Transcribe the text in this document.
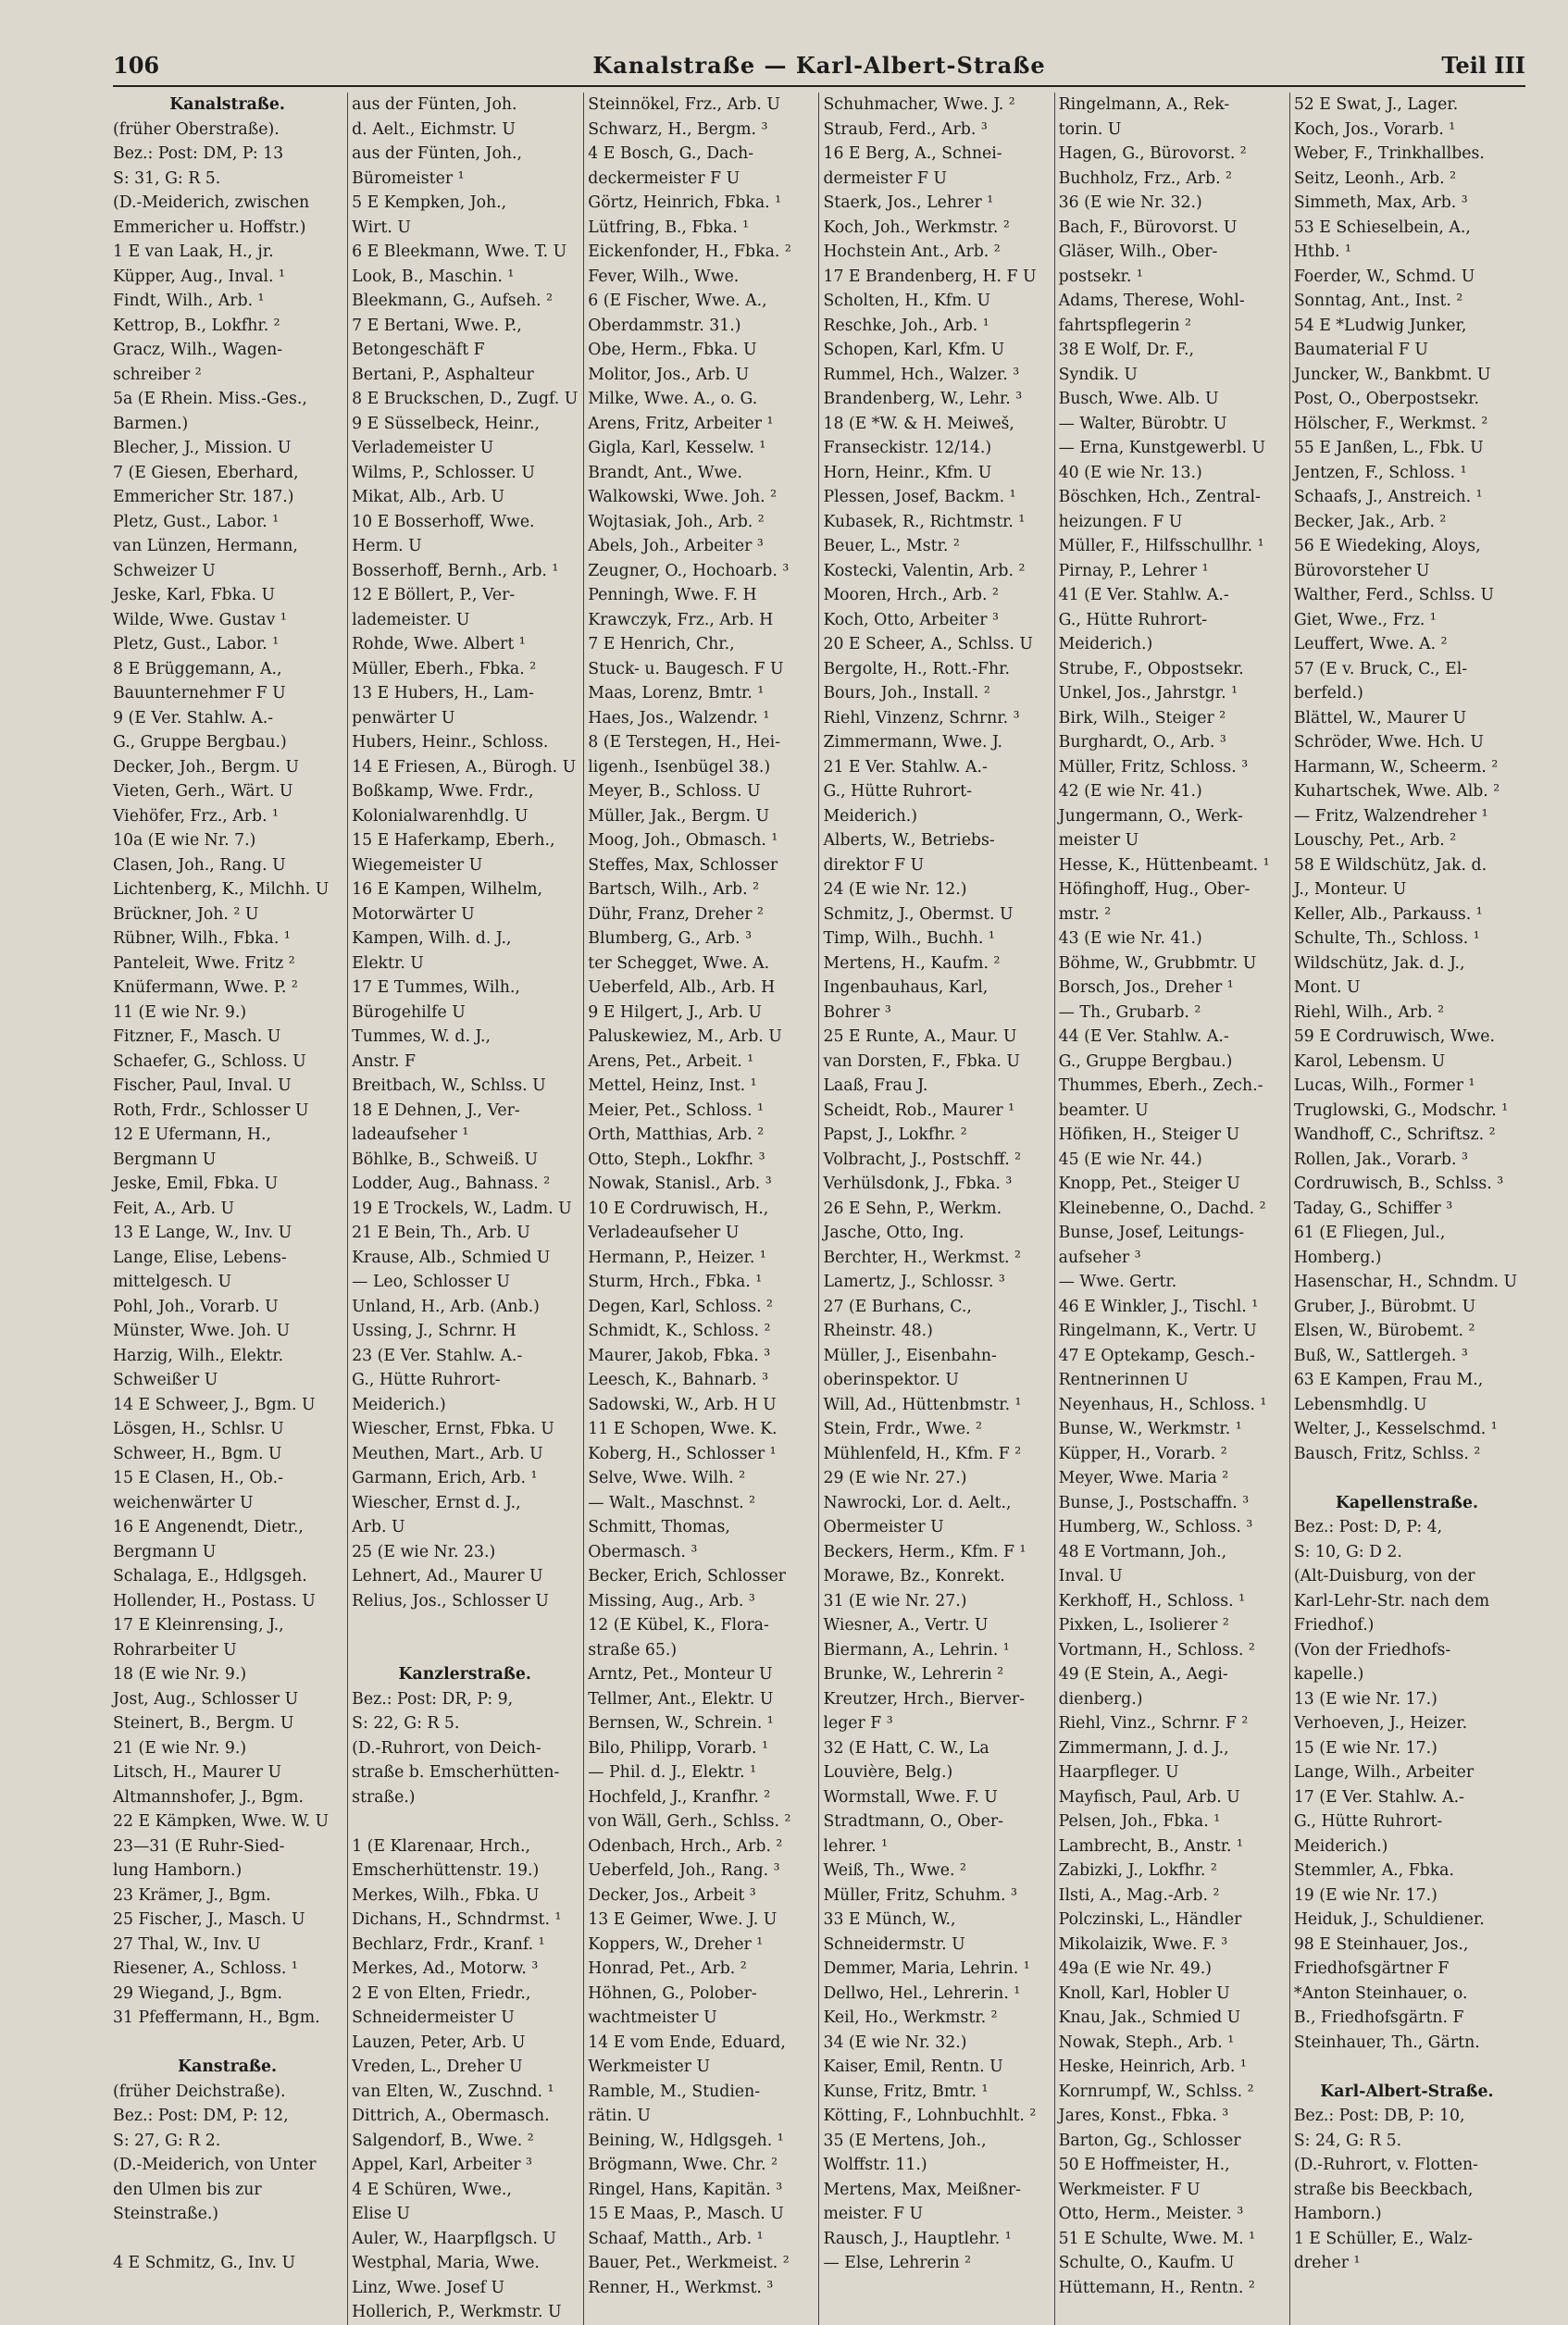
106	Kanalstraße — Karl-Albert-Straße	Teil III
Kanalstraße.
(früher Oberstraße).
Bez.: Post: DM, P: 13
S: 31, G: R 5.
(D.-Meiderich, zwischen
Emmericher u. Hoffstr.)
1 E van Laak, H., jr.
Küpper, Aug., Inval. ¹
Findt, Wilh., Arb. ¹
Kettrop, B., Lokfhr. ²
Gracz, Wilh., Wagen-
schreiber ²
5a (E Rhein. Miss.-Ges.,
Barmen.)
Blecher, J., Mission. U
7 (E Giesen, Eberhard,
Emmericher Str. 187.)
Pletz, Gust., Labor. ¹
van Lünzen, Hermann,
Schweizer U
Jeske, Karl, Fbka. U
Wilde, Wwe. Gustav ¹
Pletz, Gust., Labor. ¹
8 E Brüggemann, A.,
Bauunternehmer F U
9 (E Ver. Stahlw. A.-
G., Gruppe Bergbau.)
Decker, Joh., Bergm. U
Vieten, Gerh., Wärt. U
Viehöfer, Frz., Arb. ¹
10a (E wie Nr. 7.)
Clasen, Joh., Rang. U
Lichtenberg, K., Milchh. U
Brückner, Joh. ² U
Rübner, Wilh., Fbka. ¹
Panteleit, Wwe. Fritz ²
Knüfermann, Wwe. P. ²
11 (E wie Nr. 9.)
Fitzner, F., Masch. U
Schaefer, G., Schloss. U
Fischer, Paul, Inval. U
Roth, Frdr., Schlosser U
12 E Ufermann, H.,
Bergmann U
Jeske, Emil, Fbka. U
Feit, A., Arb. U
13 E Lange, W., Inv. U
Lange, Elise, Lebens-
mittelgesch. U
Pohl, Joh., Vorarb. U
Münster, Wwe. Joh. U
Harzig, Wilh., Elektr.
Schweißer U
14 E Schweer, J., Bgm. U
Lösgen, H., Schlsr. U
Schweer, H., Bgm. U
15 E Clasen, H., Ob.-
weichenwärter U
16 E Angenendt, Dietr.,
Bergmann U
Schalaga, E., Hdlgsgeh.
Hollender, H., Postass. U
17 E Kleinrensing, J.,
Rohrarbeiter U
18 (E wie Nr. 9.)
Jost, Aug., Schlosser U
Steinert, B., Bergm. U
21 (E wie Nr. 9.)
Litsch, H., Maurer U
Altmannshofer, J., Bgm.
22 E Kämpken, Wwe. W. U
23—31 (E Ruhr-Sied-
lung Hamborn.)
23 Krämer, J., Bgm.
25 Fischer, J., Masch. U
27 Thal, W., Inv. U
Riesener, A., Schloss. ¹
29 Wiegand, J., Bgm.
31 Pfeffermann, H., Bgm.
Kanstraße.
(früher Deichstraße).
Bez.: Post: DM, P: 12,
S: 27, G: R 2.
(D.-Meiderich, von Unter
den Ulmen bis zur
Steinstraße.)
4 E Schmitz, G., Inv. U
aus der Fünten, Joh.
d. Aelt., Eichmstr. U
aus der Fünten, Joh.,
Büromeister ¹
5 E Kempken, Joh.,
Wirt. U
6 E Bleekmann, Wwe. T. U
Look, B., Maschin. ¹
Bleekmann, G., Aufseh. ²
7 E Bertani, Wwe. P.,
Betongeschäft F
Bertani, P., Asphalteur
8 E Bruckschen, D., Zugf. U
9 E Süsselbeck, Heinr.,
Verlademeister U
Wilms, P., Schlosser. U
Mikat, Alb., Arb. U
10 E Bosserhoff, Wwe.
Herm. U
Bosserhoff, Bernh., Arb. ¹
12 E Böllert, P., Ver-
lademeister. U
Rohde, Wwe. Albert ¹
Müller, Eberh., Fbka. ²
13 E Hubers, H., Lam-
penwärter U
Hubers, Heinr., Schloss.
14 E Friesen, A., Bürogh. U
Boßkamp, Wwe. Frdr.,
Kolonialwarenhdlg. U
15 E Haferkamp, Eberh.,
Wiegemeister U
16 E Kampen, Wilhelm,
Motorwärter U
Kampen, Wilh. d. J.,
Elektr. U
17 E Tummes, Wilh.,
Bürogehilfe U
Tummes, W. d. J.,
Anstr. F
Breitbach, W., Schlss. U
18 E Dehnen, J., Ver-
ladeaufseher ¹
Böhlke, B., Schweiß. U
Lodder, Aug., Bahnass. ²
19 E Trockels, W., Ladm. U
21 E Bein, Th., Arb. U
Krause, Alb., Schmied U
— Leo, Schlosser U
Unland, H., Arb. (Anb.)
Ussing, J., Schrnr. H
23 (E Ver. Stahlw. A.-
G., Hütte Ruhrort-
Meiderich.)
Wiescher, Ernst, Fbka. U
Meuthen, Mart., Arb. U
Garmann, Erich, Arb. ¹
Wiescher, Ernst d. J.,
Arb. U
25 (E wie Nr. 23.)
Lehnert, Ad., Maurer U
Relius, Jos., Schlosser U
Kanzlerstraße.
Bez.: Post: DR, P: 9,
S: 22, G: R 5.
(D.-Ruhrort, von Deich-
straße b. Emscherhütten-
straße.)
1 (E Klarenaar, Hrch.,
Emscherhüttenstr. 19.)
Merkes, Wilh., Fbka. U
Dichans, H., Schndrmst. ¹
Bechlarz, Frdr., Kranf. ¹
Merkes, Ad., Motorw. ³
2 E von Elten, Friedr.,
Schneidermeister U
Lauzen, Peter, Arb. U
Vreden, L., Dreher U
van Elten, W., Zuschnd. ¹
Dittrich, A., Obermasch.
Salgendorf, B., Wwe. ²
Appel, Karl, Arbeiter ³
4 E Schüren, Wwe.,
Elise U
Auler, W., Haarpflgsch. U
Westphal, Maria, Wwe.
Linz, Wwe. Josef U
Hollerich, P., Werkmstr. U
Steinnökel, Frz., Arb. U
Schwarz, H., Bergm. ³
4 E Bosch, G., Dach-
deckermeister F U
Görtz, Heinrich, Fbka. ¹
Lütfring, B., Fbka. ¹
Eickenfonder, H., Fbka. ²
Fever, Wilh., Wwe.
6 (E Fischer, Wwe. A.,
Oberdammstr. 31.)
Obe, Herm., Fbka. U
Molitor, Jos., Arb. U
Milke, Wwe. A., o. G.
Arens, Fritz, Arbeiter ¹
Gigla, Karl, Kesselw. ¹
Brandt, Ant., Wwe.
Walkowski, Wwe. Joh. ²
Wojtasiak, Joh., Arb. ²
Abels, Joh., Arbeiter ³
Zeugner, O., Hochoarb. ³
Penningh, Wwe. F. H
Krawczyk, Frz., Arb. H
7 E Henrich, Chr.,
Stuck- u. Baugesch. F U
Maas, Lorenz, Bmtr. ¹
Haes, Jos., Walzendr. ¹
8 (E Terstegen, H., Hei-
ligenh., Isenbügel 38.)
Meyer, B., Schloss. U
Müller, Jak., Bergm. U
Moog, Joh., Obmasch. ¹
Steffes, Max, Schlosser
Bartsch, Wilh., Arb. ²
Dühr, Franz, Dreher ²
Blumberg, G., Arb. ³
ter Schegget, Wwe. A.
Ueberfeld, Alb., Arb. H
9 E Hilgert, J., Arb. U
Paluskewiez, M., Arb. U
Arens, Pet., Arbeit. ¹
Mettel, Heinz, Inst. ¹
Meier, Pet., Schloss. ¹
Orth, Matthias, Arb. ²
Otto, Steph., Lokfhr. ³
Nowak, Stanisl., Arb. ³
10 E Cordruwisch, H.,
Verladeaufseher U
Hermann, P., Heizer. ¹
Sturm, Hrch., Fbka. ¹
Degen, Karl, Schloss. ²
Schmidt, K., Schloss. ²
Maurer, Jakob, Fbka. ³
Leesch, K., Bahnarb. ³
Sadowski, W., Arb. H U
11 E Schopen, Wwe. K.
Koberg, H., Schlosser ¹
Selve, Wwe. Wilh. ²
— Walt., Maschnst. ²
Schmitt, Thomas,
Obermasch. ³
Becker, Erich, Schlosser
Missing, Aug., Arb. ³
12 (E Kübel, K., Flora-
straße 65.)
Arntz, Pet., Monteur U
Tellmer, Ant., Elektr. U
Bernsen, W., Schrein. ¹
Bilo, Philipp, Vorarb. ¹
— Phil. d. J., Elektr. ¹
Hochfeld, J., Kranfhr. ²
von Wäll, Gerh., Schlss. ²
Odenbach, Hrch., Arb. ²
Ueberfeld, Joh., Rang. ³
Decker, Jos., Arbeit ³
13 E Geimer, Wwe. J. U
Koppers, W., Dreher ¹
Honrad, Pet., Arb. ²
Höhnen, G., Polober-
wachtmeister U
14 E vom Ende, Eduard,
Werkmeister U
Ramble, M., Studien-
rätin. U
Beining, W., Hdlgsgeh. ¹
Brögmann, Wwe. Chr. ²
Ringel, Hans, Kapitän. ³
15 E Maas, P., Masch. U
Schaaf, Matth., Arb. ¹
Bauer, Pet., Werkmeist. ²
Renner, H., Werkmst. ³
Schuhmacher, Wwe. J. ²
Straub, Ferd., Arb. ³
16 E Berg, A., Schnei-
dermeister F U
Staerk, Jos., Lehrer ¹
Koch, Joh., Werkmstr. ²
Hochstein Ant., Arb. ²
17 E Brandenberg, H. F U
Scholten, H., Kfm. U
Reschke, Joh., Arb. ¹
Schopen, Karl, Kfm. U
Rummel, Hch., Walzer. ³
Brandenberg, W., Lehr. ³
18 (E *W. & H. Meiweš,
Franseckistr. 12/14.)
Horn, Heinr., Kfm. U
Plessen, Josef, Backm. ¹
Kubasek, R., Richtmstr. ¹
Beuer, L., Mstr. ²
Kostecki, Valentin, Arb. ²
Mooren, Hrch., Arb. ²
Koch, Otto, Arbeiter ³
20 E Scheer, A., Schlss. U
Bergolte, H., Rott.-Fhr.
Bours, Joh., Install. ²
Riehl, Vinzenz, Schrnr. ³
Zimmermann, Wwe. J.
21 E Ver. Stahlw. A.-
G., Hütte Ruhrort-
Meiderich.)
Alberts, W., Betriebs-
direktor F U
24 (E wie Nr. 12.)
Schmitz, J., Obermst. U
Timp, Wilh., Buchh. ¹
Mertens, H., Kaufm. ²
Ingenbauhaus, Karl,
Bohrer ³
25 E Runte, A., Maur. U
van Dorsten, F., Fbka. U
Laaß, Frau J.
Scheidt, Rob., Maurer ¹
Papst, J., Lokfhr. ²
Volbracht, J., Postschff. ²
Verhülsdonk, J., Fbka. ³
26 E Sehn, P., Werkm.
Jasche, Otto, Ing.
Berchter, H., Werkmst. ²
Lamertz, J., Schlossr. ³
27 (E Burhans, C.,
Rheinstr. 48.)
Müller, J., Eisenbahn-
oberinspektor. U
Will, Ad., Hüttenbmstr. ¹
Stein, Frdr., Wwe. ²
Mühlenfeld, H., Kfm. F ²
29 (E wie Nr. 27.)
Nawrocki, Lor. d. Aelt.,
Obermeister U
Beckers, Herm., Kfm. F ¹
Morawe, Bz., Konrekt.
31 (E wie Nr. 27.)
Wiesner, A., Vertr. U
Biermann, A., Lehrin. ¹
Brunke, W., Lehrerin ²
Kreutzer, Hrch., Bierver-
leger F ³
32 (E Hatt, C. W., La
Louvière, Belg.)
Wormstall, Wwe. F. U
Stradtmann, O., Ober-
lehrer. ¹
Weiß, Th., Wwe. ²
Müller, Fritz, Schuhm. ³
33 E Münch, W.,
Schneidermstr. U
Demmer, Maria, Lehrin. ¹
Dellwo, Hel., Lehrerin. ¹
Keil, Ho., Werkmstr. ²
34 (E wie Nr. 32.)
Kaiser, Emil, Rentn. U
Kunse, Fritz, Bmtr. ¹
Kötting, F., Lohnbuchhlt. ²
35 (E Mertens, Joh.,
Wolffstr. 11.)
Mertens, Max, Meißner-
meister. F U
Rausch, J., Hauptlehr. ¹
— Else, Lehrerin ²
Ringelmann, A., Rek-
torin. U
Hagen, G., Bürovorst. ²
Buchholz, Frz., Arb. ²
36 (E wie Nr. 32.)
Bach, F., Bürovorst. U
Gläser, Wilh., Ober-
postsekr. ¹
Adams, Therese, Wohl-
fahrtspflegerin ²
38 E Wolf, Dr. F.,
Syndik. U
Busch, Wwe. Alb. U
— Walter, Bürobtr. U
— Erna, Kunstgewerbl. U
40 (E wie Nr. 13.)
Böschken, Hch., Zentral-
heizungen. F U
Müller, F., Hilfsschullhr. ¹
Pirnay, P., Lehrer ¹
41 (E Ver. Stahlw. A.-
G., Hütte Ruhrort-
Meiderich.)
Strube, F., Obpostsekr.
Unkel, Jos., Jahrstgr. ¹
Birk, Wilh., Steiger ²
Burghardt, O., Arb. ³
Müller, Fritz, Schloss. ³
42 (E wie Nr. 41.)
Jungermann, O., Werk-
meister U
Hesse, K., Hüttenbeamt. ¹
Höfinghoff, Hug., Ober-
mstr. ²
43 (E wie Nr. 41.)
Böhme, W., Grubbmtr. U
Borsch, Jos., Dreher ¹
— Th., Grubarb. ²
44 (E Ver. Stahlw. A.-
G., Gruppe Bergbau.)
Thummes, Eberh., Zech.-
beamter. U
Höfiken, H., Steiger U
45 (E wie Nr. 44.)
Knopp, Pet., Steiger U
Kleinebenne, O., Dachd. ²
Bunse, Josef, Leitungs-
aufseher ³
— Wwe. Gertr.
46 E Winkler, J., Tischl. ¹
Ringelmann, K., Vertr. U
47 E Optekamp, Gesch.-
Rentnerinnen U
Neyenhaus, H., Schloss. ¹
Bunse, W., Werkmstr. ¹
Küpper, H., Vorarb. ²
Meyer, Wwe. Maria ²
Bunse, J., Postschaffn. ³
Humberg, W., Schloss. ³
48 E Vortmann, Joh.,
Inval. U
Kerkhoff, H., Schloss. ¹
Pixken, L., Isolierer ²
Vortmann, H., Schloss. ²
49 (E Stein, A., Aegi-
dienberg.)
Riehl, Vinz., Schrnr. F ²
Zimmermann, J. d. J.,
Haarpfleger. U
Mayfisch, Paul, Arb. U
Pelsen, Joh., Fbka. ¹
Lambrecht, B., Anstr. ¹
Zabizki, J., Lokfhr. ²
Ilsti, A., Mag.-Arb. ²
Polczinski, L., Händler
Mikolaizik, Wwe. F. ³
49a (E wie Nr. 49.)
Knoll, Karl, Hobler U
Knau, Jak., Schmied U
Nowak, Steph., Arb. ¹
Heske, Heinrich, Arb. ¹
Kornrumpf, W., Schlss. ²
Jares, Konst., Fbka. ³
Barton, Gg., Schlosser
50 E Hoffmeister, H.,
Werkmeister. F U
Otto, Herm., Meister. ³
51 E Schulte, Wwe. M. ¹
Schulte, O., Kaufm. U
Hüttemann, H., Rentn. ²
52 E Swat, J., Lager.
Koch, Jos., Vorarb. ¹
Weber, F., Trinkhallbes.
Seitz, Leonh., Arb. ²
Simmeth, Max, Arb. ³
53 E Schieselbein, A.,
Hthb. ¹
Foerder, W., Schmd. U
Sonntag, Ant., Inst. ²
54 E *Ludwig Junker,
Baumaterial F U
Juncker, W., Bankbmt. U
Post, O., Oberpostsekr.
Hölscher, F., Werkmst. ²
55 E Janßen, L., Fbk. U
Jentzen, F., Schloss. ¹
Schaafs, J., Anstreich. ¹
Becker, Jak., Arb. ²
56 E Wiedeking, Aloys,
Bürovorsteher U
Walther, Ferd., Schlss. U
Giet, Wwe., Frz. ¹
Leuffert, Wwe. A. ²
57 (E v. Bruck, C., El-
berfeld.)
Blättel, W., Maurer U
Schröder, Wwe. Hch. U
Harmann, W., Scheerm. ²
Kuhartschek, Wwe. Alb. ²
— Fritz, Walzendreher ¹
Louschy, Pet., Arb. ²
58 E Wildschütz, Jak. d.
J., Monteur. U
Keller, Alb., Parkauss. ¹
Schulte, Th., Schloss. ¹
Wildschütz, Jak. d. J.,
Mont. U
Riehl, Wilh., Arb. ²
59 E Cordruwisch, Wwe.
Karol, Lebensm. U
Lucas, Wilh., Former ¹
Truglowski, G., Modschr. ¹
Wandhoff, C., Schriftsz. ²
Rollen, Jak., Vorarb. ³
Cordruwisch, B., Schlss. ³
Taday, G., Schiffer ³
61 (E Fliegen, Jul.,
Homberg.)
Hasenschar, H., Schndm. U
Gruber, J., Bürobmt. U
Elsen, W., Bürobemt. ²
Buß, W., Sattlergeh. ³
63 E Kampen, Frau M.,
Lebensmhdlg. U
Welter, J., Kesselschmd. ¹
Bausch, Fritz, Schlss. ²
Kapellenstraße.
Bez.: Post: D, P: 4,
S: 10, G: D 2.
(Alt-Duisburg, von der
Karl-Lehr-Str. nach dem
Friedhof.)
(Von der Friedhofs-
kapelle.)
13 (E wie Nr. 17.)
Verhoeven, J., Heizer.
15 (E wie Nr. 17.)
Lange, Wilh., Arbeiter
17 (E Ver. Stahlw. A.-
G., Hütte Ruhrort-
Meiderich.)
Stemmler, A., Fbka.
19 (E wie Nr. 17.)
Heiduk, J., Schuldiener.
98 E Steinhauer, Jos.,
Friedhofsgärtner F
*Anton Steinhauer, o.
B., Friedhofsgärtn. F
Steinhauer, Th., Gärtn.
Karl-Albert-Straße.
Bez.: Post: DB, P: 10,
S: 24, G: R 5.
(D.-Ruhrort, v. Flotten-
straße bis Beeckbach,
Hamborn.)
1 E Schüller, E., Walz-
dreher ¹
